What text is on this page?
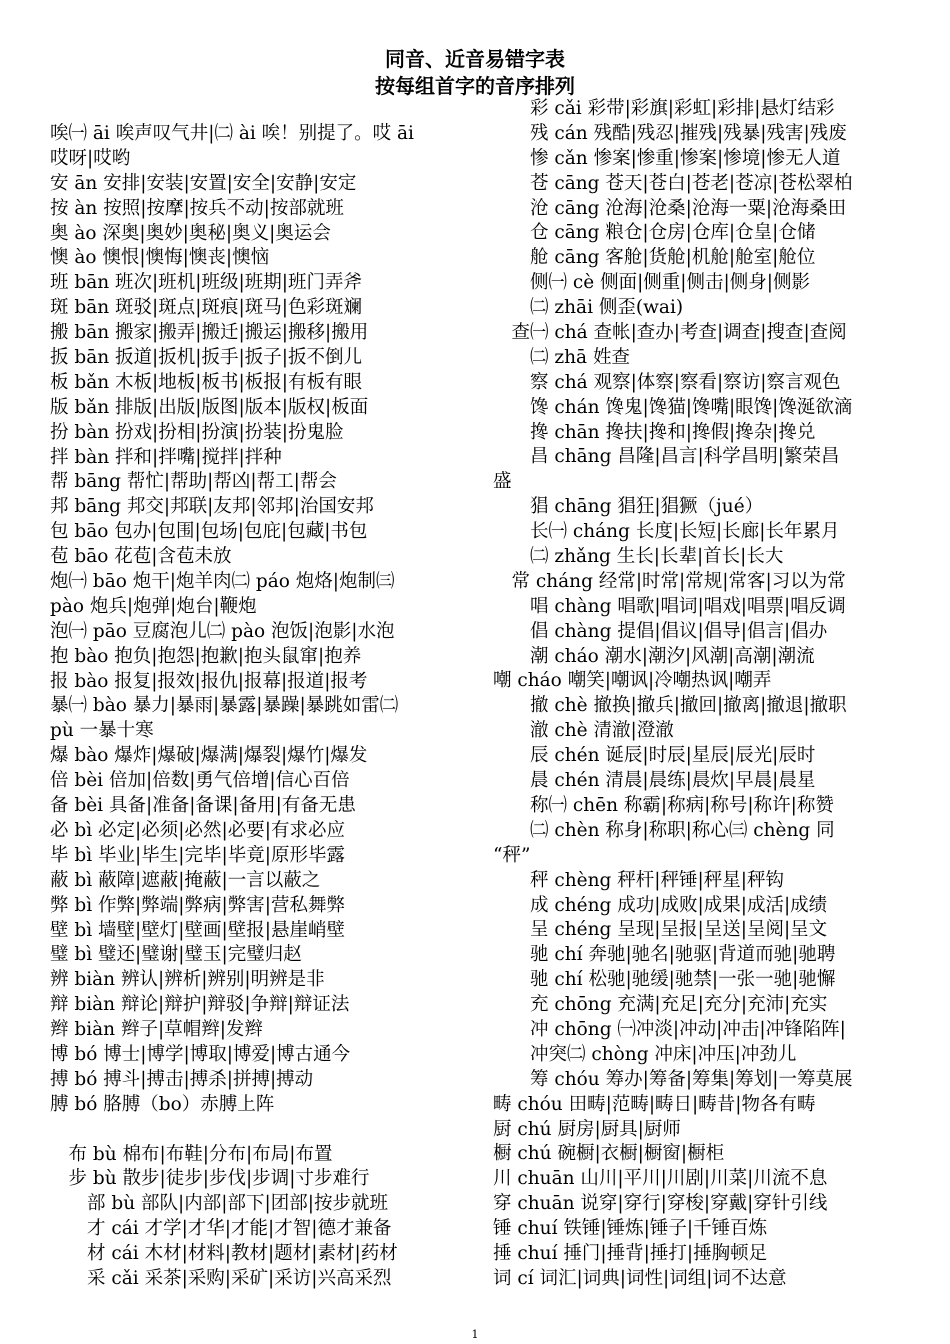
同音、近音易错字表
按每组首字的音序排列
唉㈠ āi 唉声叹气井|㈡ ài 唉！别提了。哎 āi
哎呀|哎哟
安 ān 安排|安装|安置|安全|安静|安定
按 àn 按照|按摩|按兵不动|按部就班
奥 ào 深奥|奥妙|奥秘|奥义|奥运会
懊 ào 懊恨|懊悔|懊丧|懊恼
班 bān 班次|班机|班级|班期|班门弄斧
斑 bān 斑驳|斑点|斑痕|斑马|色彩斑斓
搬 bān 搬家|搬弄|搬迁|搬运|搬移|搬用
扳 bān 扳道|扳机|扳手|扳子|扳不倒儿
板 bǎn 木板|地板|板书|板报|有板有眼
版 bǎn 排版|出版|版图|版本|版权|板面
扮 bàn 扮戏|扮相|扮演|扮装|扮鬼脸
拌 bàn 拌和|拌嘴|搅拌|拌种
帮 bāng 帮忙|帮助|帮凶|帮工|帮会
邦 bāng 邦交|邦联|友邦|邻邦|治国安邦
包 bāo 包办|包围|包场|包庇|包藏|书包
苞 bāo 花苞|含苞未放
炮㈠ bāo 炮干|炮羊肉㈡ páo 炮烙|炮制㈢
pào 炮兵|炮弹|炮台|鞭炮
泡㈠ pāo 豆腐泡儿㈡ pào 泡饭|泡影|水泡
抱 bào 抱负|抱怨|抱歉|抱头鼠窜|抱养
报 bào 报复|报效|报仇|报幕|报道|报考
暴㈠ bào 暴力|暴雨|暴露|暴躁|暴跳如雷㈡
pù 一暴十寒
爆 bào 爆炸|爆破|爆满|爆裂|爆竹|爆发
倍 bèi 倍加|倍数|勇气倍增|信心百倍
备 bèi 具备|准备|备课|备用|有备无患
必 bì 必定|必须|必然|必要|有求必应
毕 bì 毕业|毕生|完毕|毕竟|原形毕露
蔽 bì 蔽障|遮蔽|掩蔽|一言以蔽之
弊 bì 作弊|弊端|弊病|弊害|营私舞弊
壁 bì 墙壁|壁灯|壁画|壁报|悬崖峭壁
璧 bì 璧还|璧谢|璧玉|完璧归赵
辨 biàn 辨认|辨析|辨别|明辨是非
辩 biàn 辩论|辩护|辩驳|争辩|辩证法
辫 biàn 辫子|草帽辫|发辫
博 bó 博士|博学|博取|博爱|博古通今
搏 bó 搏斗|搏击|搏杀|拼搏|搏动
膊 bó 胳膊（bo）赤膊上阵
　布 bù 棉布|布鞋|分布|布局|布置
　步 bù 散步|徒步|步伐|步调|寸步难行
　　部 bù 部队|内部|部下|团部|按步就班
　　才 cái 才学|才华|才能|才智|德才兼备
　　材 cái 木材|材料|教材|题材|素材|药材
　　采 cǎi 采茶|采购|采矿|采访|兴高采烈
　　彩 cǎi 彩带|彩旗|彩虹|彩排|悬灯结彩
　　残 cán 残酷|残忍|摧残|残暴|残害|残废
　　惨 cǎn 惨案|惨重|惨案|惨境|惨无人道
　　苍 cāng 苍天|苍白|苍老|苍凉|苍松翠柏
　　沧 cāng 沧海|沧桑|沧海一粟|沧海桑田
　　仓 cāng 粮仓|仓房|仓库|仓皇|仓储
　　舱 cāng 客舱|货舱|机舱|舱室|舱位
　　侧㈠ cè 侧面|侧重|侧击|侧身|侧影
　　㈡ zhāi 侧歪(wai)
　查㈠ chá 查帐|查办|考查|调查|搜查|查阅
　　㈡ zhā 姓查
　　察 chá 观察|体察|察看|察访|察言观色
　　馋 chán 馋鬼|馋猫|馋嘴|眼馋|馋涎欲滴
　　搀 chān 搀扶|搀和|搀假|搀杂|搀兑
　　昌 chāng 昌隆|昌言|科学昌明|繁荣昌
盛
　　猖 chāng 猖狂|猖獗（jué）
　　长㈠ cháng 长度|长短|长廊|长年累月
　　㈡ zhǎng 生长|长辈|首长|长大
　常 cháng 经常|时常|常规|常客|习以为常
　　唱 chàng 唱歌|唱词|唱戏|唱票|唱反调
　　倡 chàng 提倡|倡议|倡导|倡言|倡办
　　潮 cháo 潮水|潮汐|风潮|高潮|潮流
嘲 cháo 嘲笑|嘲讽|冷嘲热讽|嘲弄
　　撤 chè 撤换|撤兵|撤回|撤离|撤退|撤职
　　澈 chè 清澈|澄澈
　　辰 chén 诞辰|时辰|星辰|辰光|辰时
　　晨 chén 清晨|晨练|晨炊|早晨|晨星
　　称㈠ chēn 称霸|称病|称号|称许|称赞
　　㈡ chèn 称身|称职|称心㈢ chèng 同
“秤”
　　秤 chèng 秤杆|秤锤|秤星|秤钩
　　成 chéng 成功|成败|成果|成活|成绩
　　呈 chéng 呈现|呈报|呈送|呈阅|呈文
　　驰 chí 奔驰|驰名|驰驱|背道而驰|驰聘
　　驰 chí 松驰|驰缓|驰禁|一张一驰|驰懈
　　充 chōng 充满|充足|充分|充沛|充实
　　冲 chōng ㈠冲淡|冲动|冲击|冲锋陷阵|
　　冲突㈡ chòng 冲床|冲压|冲劲儿
　　筹 chóu 筹办|筹备|筹集|筹划|一筹莫展
畴 chóu 田畴|范畴|畴日|畴昔|物各有畴
厨 chú 厨房|厨具|厨师
橱 chú 碗橱|衣橱|橱窗|橱柜
川 chuān 山川|平川|川剧|川菜|川流不息
穿 chuān 说穿|穿行|穿梭|穿戴|穿针引线
锤 chuí 铁锤|锤炼|锤子|千锤百炼
捶 chuí 捶门|捶背|捶打|捶胸顿足
词 cí 词汇|词典|词性|词组|词不达意
1
